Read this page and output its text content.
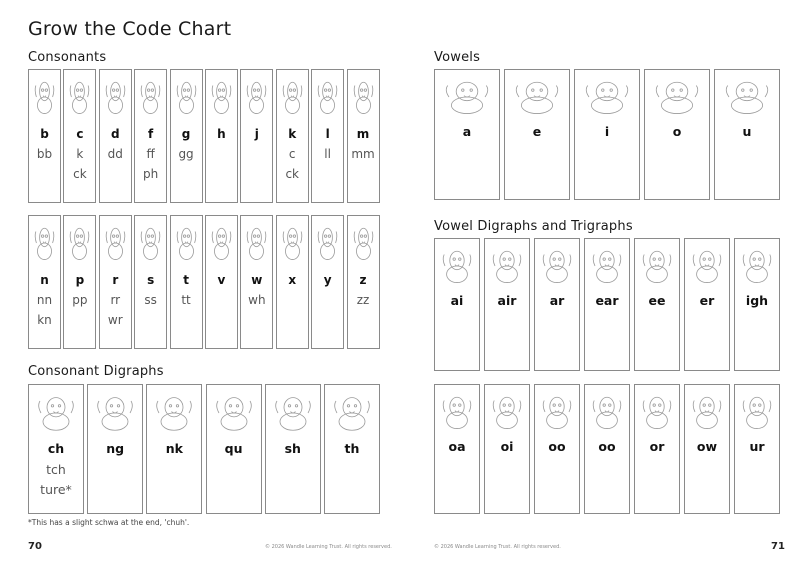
Grow the Code Chart
Consonants
b
bb
c
k
ck
d
dd
f
ff
ph
g
gg
h j k
c
ck
l
ll
m
mm
n
nn
kn
p
pp
r
rr
wr
s
ss
t
tt
v w
wh
x y z
zz
Consonant Digraphs
ch
tch
ture*
ng	nk	qu	sh	th
*This has a slight schwa at the end, 'chuh'.
70	© 2026 Wandle Learning Trust. All rights reserved.
Vowels
a	e	i	o	u
Vowel Digraphs and Trigraphs
ai	air	ar ear ee	er	igh
oa	oi	oo	oo	or	ow	ur
© 2026 Wandle Learning Trust. All rights reserved.	71
